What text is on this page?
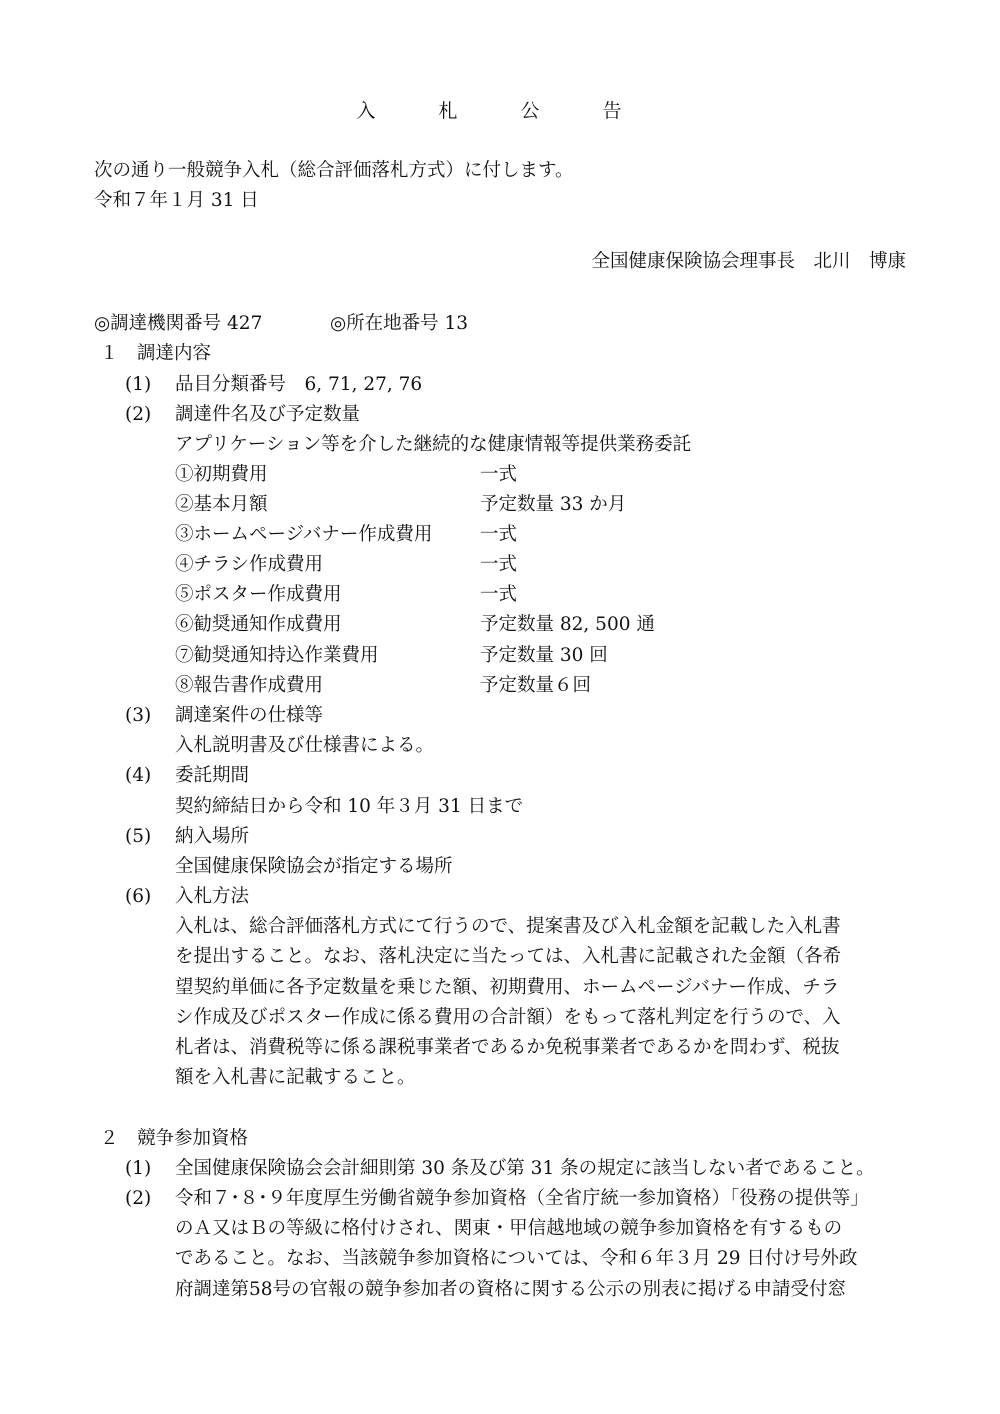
入　札　公　告
次の通り一般競争入札（総合評価落札方式）に付します。
令和７年１月 31 日
全国健康保険協会理事長　北川　博康
◎調達機関番号 427	◎所在地番号 13
１ 調達内容
(1) 品目分類番号　6, 71, 27, 76
(2) 調達件名及び予定数量
アプリケーション等を介した継続的な健康情報等提供業務委託
①初期費用	一式
②基本月額	予定数量 33 か月
③ホームページバナー作成費用	一式
④チラシ作成費用	一式
⑤ポスター作成費用	一式
⑥勧奨通知作成費用	予定数量 82, 500 通
⑦勧奨通知持込作業費用	予定数量 30 回
⑧報告書作成費用	予定数量６回
(3) 調達案件の仕様等
入札説明書及び仕様書による。
(4) 委託期間
契約締結日から令和 10 年３月 31 日まで
(5) 納入場所
全国健康保険協会が指定する場所
(6) 入札方法
入札は、総合評価落札方式にて行うので、提案書及び入札金額を記載した入札書
を提出すること。なお、落札決定に当たっては、入札書に記載された金額（各希
望契約単価に各予定数量を乗じた額、初期費用、ホームページバナー作成、チラ
シ作成及びポスター作成に係る費用の合計額）をもって落札判定を行うので、入
札者は、消費税等に係る課税事業者であるか免税事業者であるかを問わず、税抜
額を入札書に記載すること。
２ 競争参加資格
(1) 全国健康保険協会会計細則第 30 条及び第 31 条の規定に該当しない者であること。
(2) 令和７･８･９年度厚生労働省競争参加資格（全省庁統一参加資格）「役務の提供等」
のＡ又はＢの等級に格付けされ、関東・甲信越地域の競争参加資格を有するもの
であること。なお、当該競争参加資格については、令和６年３月 29 日付け号外政
府調達第58号の官報の競争参加者の資格に関する公示の別表に掲げる申請受付窓
